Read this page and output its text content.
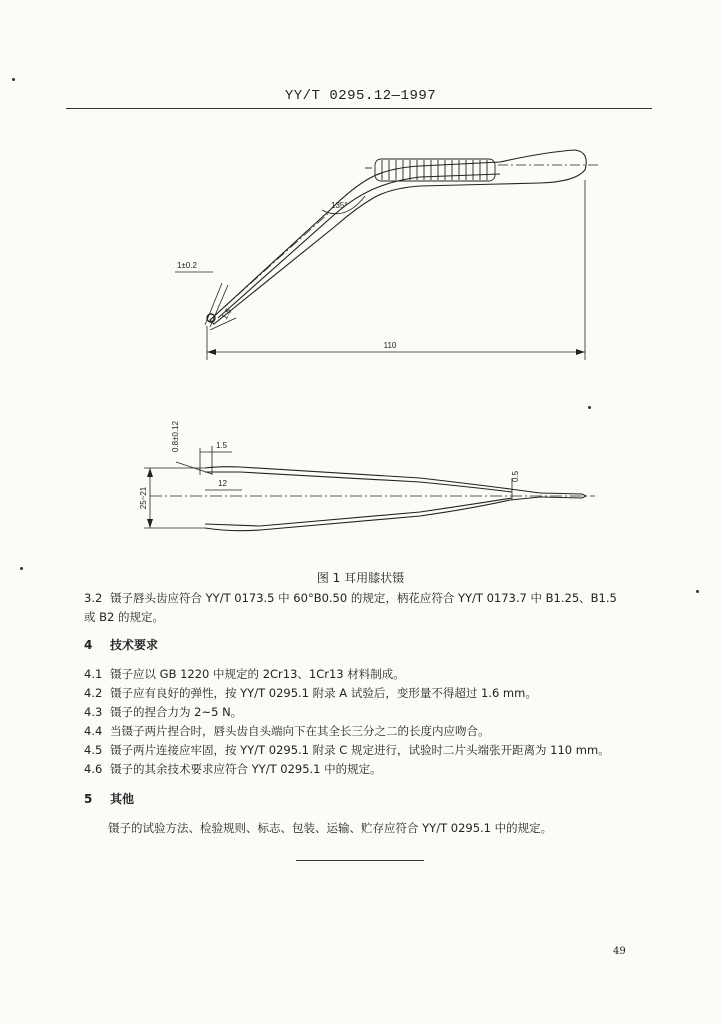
YY/T 0295.12—1997
135°
1±0.2
1.5
110
25~21
1.5
0.8±0.12
12
0.5
图 1 耳用膝状镊
3.2 镊子唇头齿应符合 YY/T 0173.5 中 60°B0.50 的规定，柄花应符合 YY/T 0173.7 中 B1.25、B1.5
或 B2 的规定。
4 技术要求
4.1 镊子应以 GB 1220 中规定的 2Cr13、1Cr13 材料制成。
4.2 镊子应有良好的弹性，按 YY/T 0295.1 附录 A 试验后，变形量不得超过 1.6 mm。
4.3 镊子的捏合力为 2~5 N。
4.4 当镊子两片捏合时，唇头齿自头端向下在其全长三分之二的长度内应吻合。
4.5 镊子两片连接应牢固，按 YY/T 0295.1 附录 C 规定进行，试验时二片头端张开距离为 110 mm。
4.6 镊子的其余技术要求应符合 YY/T 0295.1 中的规定。
5 其他
镊子的试验方法、检验规则、标志、包装、运输、贮存应符合 YY/T 0295.1 中的规定。
49
